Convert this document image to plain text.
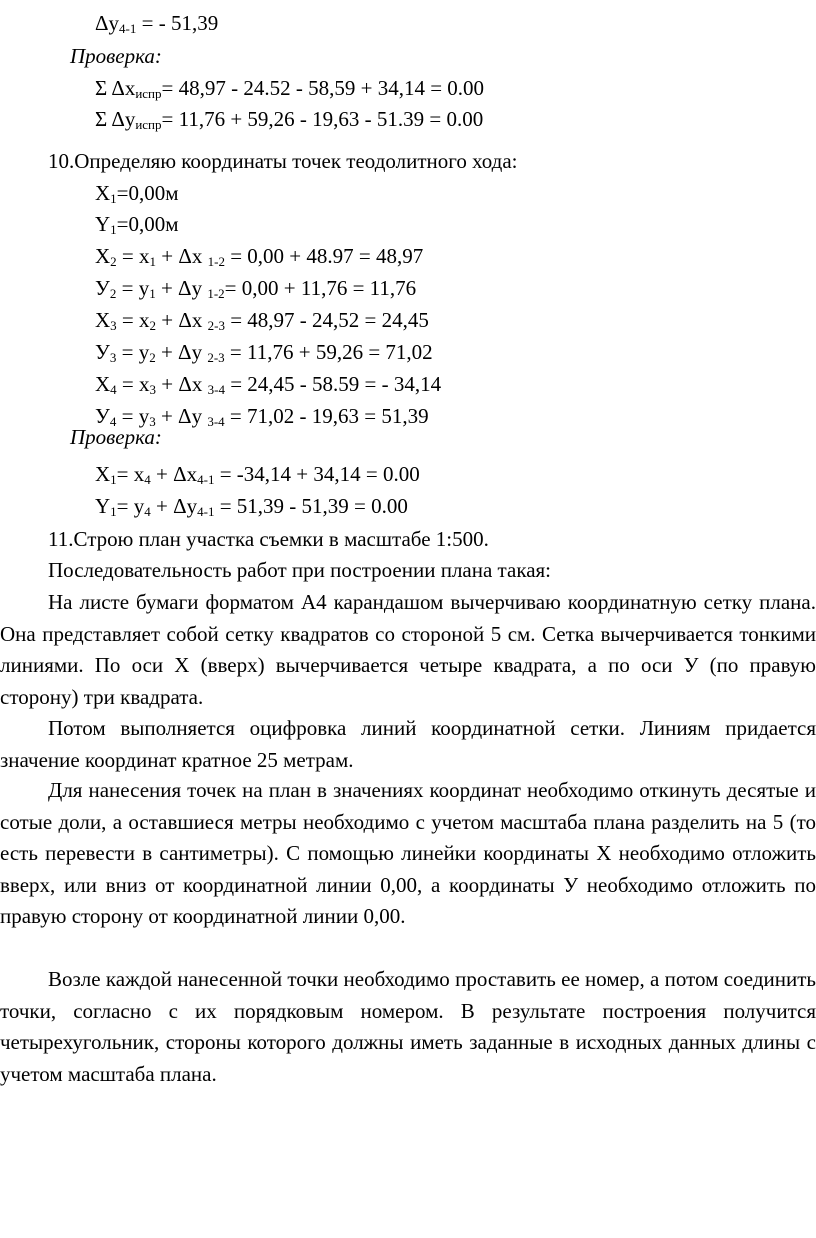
$\Delta y_{4-1}$ = - 51,39
Проверка:
Σ $\Delta x_{испр}= 48,97 - 24.52 - 58,59 + 34,14 = 0.00$
Σ $\Delta y_{испр}= 11,76 + 59,26 - 19,63 - 51.39 = 0.00$
10.Определяю координаты точек теодолитного хода:
$X_1=0,00м$
$Y_1=0,00м$
$X_2 = x_1 + \Delta x$ $_{1-2}$ = 0,00 + 48.97 = 48,97
$У_2 = y_1 + \Delta y$ $_{1-2}$= 0,00 + 11,76 = 11,76
$X_3 = x_2 + \Delta x$ $_{2-3}$ = 48,97 - 24,52 = 24,45
$У_3 = y_2 + \Delta y$ $_{2-3}$ = 11,76 + 59,26 = 71,02
$X_4 = x_3 + \Delta x$ $_{3-4}$ = 24,45 - 58.59 = - 34,14
$У_4 = y_3 + \Delta y$ $_{3-4}$ = 71,02 - 19,63 = 51,39
Проверка:
$X_1= x_4 + \Delta x_{4-1} = -34,14 + 34,14 = 0.00$
$Y_1= y_4 + \Delta y_{4-1} = 51,39 - 51,39 = 0.00$
11.Строю план участка съемки в масштабе 1:500.
Последовательность работ при построении плана такая:
На листе бумаги форматом А4 карандашом вычерчиваю координатную сетку плана. Она представляет собой сетку квадратов со стороной 5 см. Сетка вычерчивается тонкими линиями. По оси X (вверх) вычерчивается четыре квадрата, а по оси У (по правую сторону) три квадрата.
Потом выполняется оцифровка линий координатной сетки. Линиям придается значение координат кратное 25 метрам.
Для нанесения точек на план в значениях координат необходимо откинуть десятые и сотые доли, а оставшиеся метры необходимо с учетом масштаба плана разделить на 5 (то есть перевести в сантиметры). С помощью линейки координаты X необходимо отложить вверх, или вниз от координатной линии 0,00, а координаты У необходимо отложить по правую сторону от координатной линии 0,00.
Возле каждой нанесенной точки необходимо проставить ее номер, а потом соединить точки, согласно с их порядковым номером. В результате построения получится четырехугольник, стороны которого должны иметь заданные в исходных данных длины с учетом масштаба плана.
